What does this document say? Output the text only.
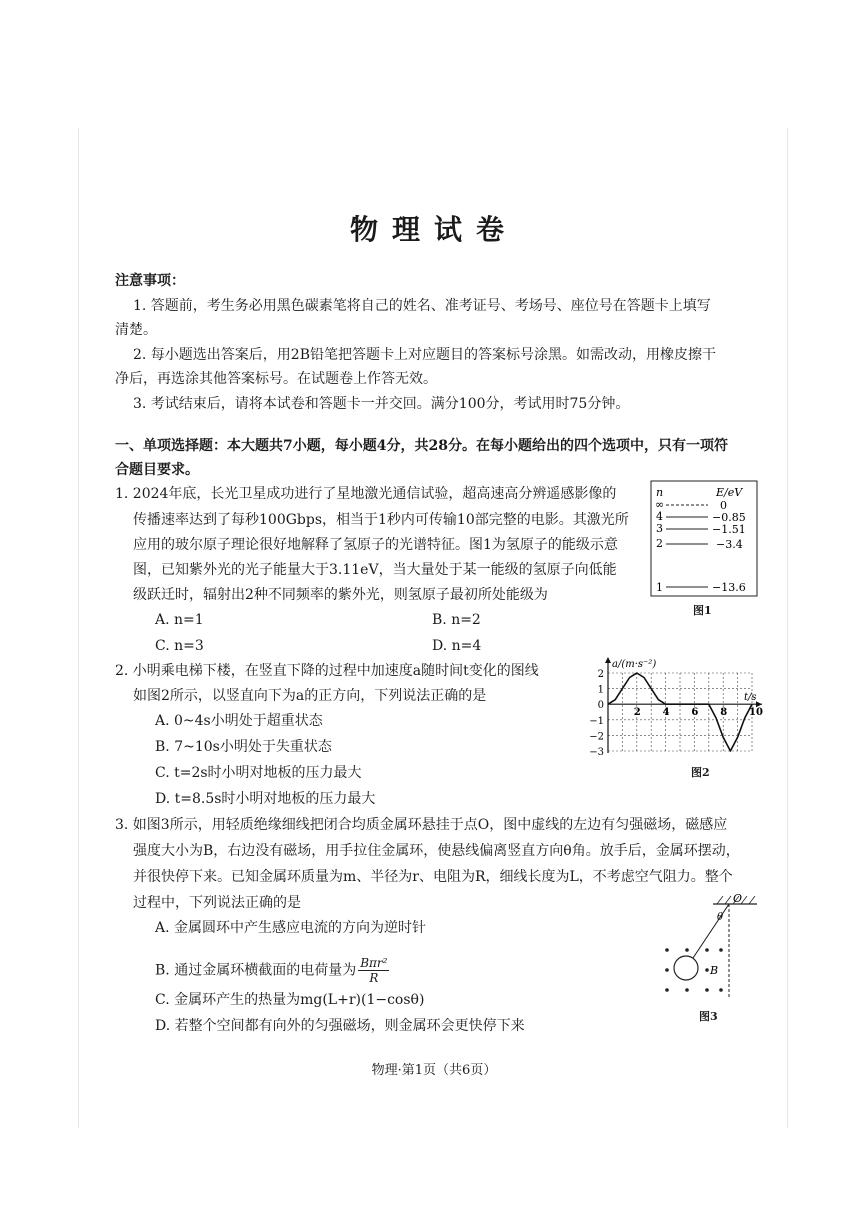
物理试卷
注意事项：
1. 答题前，考生务必用黑色碳素笔将自己的姓名、准考证号、考场号、座位号在答题卡上填写
清楚。
2. 每小题选出答案后，用2B铅笔把答题卡上对应题目的答案标号涂黑。如需改动，用橡皮擦干
净后，再选涂其他答案标号。在试题卷上作答无效。
3. 考试结束后，请将本试卷和答题卡一并交回。满分100分，考试用时75分钟。
一、单项选择题：本大题共7小题，每小题4分，共28分。在每小题给出的四个选项中，只有一项符
合题目要求。
1. 2024年底，长光卫星成功进行了星地激光通信试验，超高速高分辨遥感影像的
传播速率达到了每秒100Gbps，相当于1秒内可传输10部完整的电影。其激光所
应用的玻尔原子理论很好地解释了氢原子的光谱特征。图1为氢原子的能级示意
图，已知紫外光的光子能量大于3.11eV，当大量处于某一能级的氢原子向低能
级跃迁时，辐射出2种不同频率的紫外光，则氢原子最初所处能级为
A. n=1	B. n=2
C. n=3	D. n=4
n	E/eV
∞	0
4	−0.85
3	−1.51
2	−3.4
1	−13.6
图1
2. 小明乘电梯下楼，在竖直下降的过程中加速度a随时间t变化的图线
如图2所示，以竖直向下为a的正方向，下列说法正确的是
A. 0~4s小明处于超重状态
B. 7~10s小明处于失重状态
C. t=2s时小明对地板的压力最大
D. t=8.5s时小明对地板的压力最大
2 4 6 8 10
2
1
0
−1
−2
−3
a/(m·s⁻²)
t/s
图2
3. 如图3所示，用轻质绝缘细线把闭合均质金属环悬挂于点O，图中虚线的左边有匀强磁场，磁感应
强度大小为B，右边没有磁场，用手拉住金属环，使悬线偏离竖直方向θ角。放手后，金属环摆动，
并很快停下来。已知金属环质量为m、半径为r、电阻为R，细线长度为L，不考虑空气阻力。整个
过程中，下列说法正确的是
A. 金属圆环中产生感应电流的方向为逆时针
B. 通过金属环横截面的电荷量为 Bπr²
R
C. 金属环产生的热量为mg(L+r)(1−cosθ)
D. 若整个空间都有向外的匀强磁场，则金属环会更快停下来
O
θ
B
图3
物理·第1页（共6页）
